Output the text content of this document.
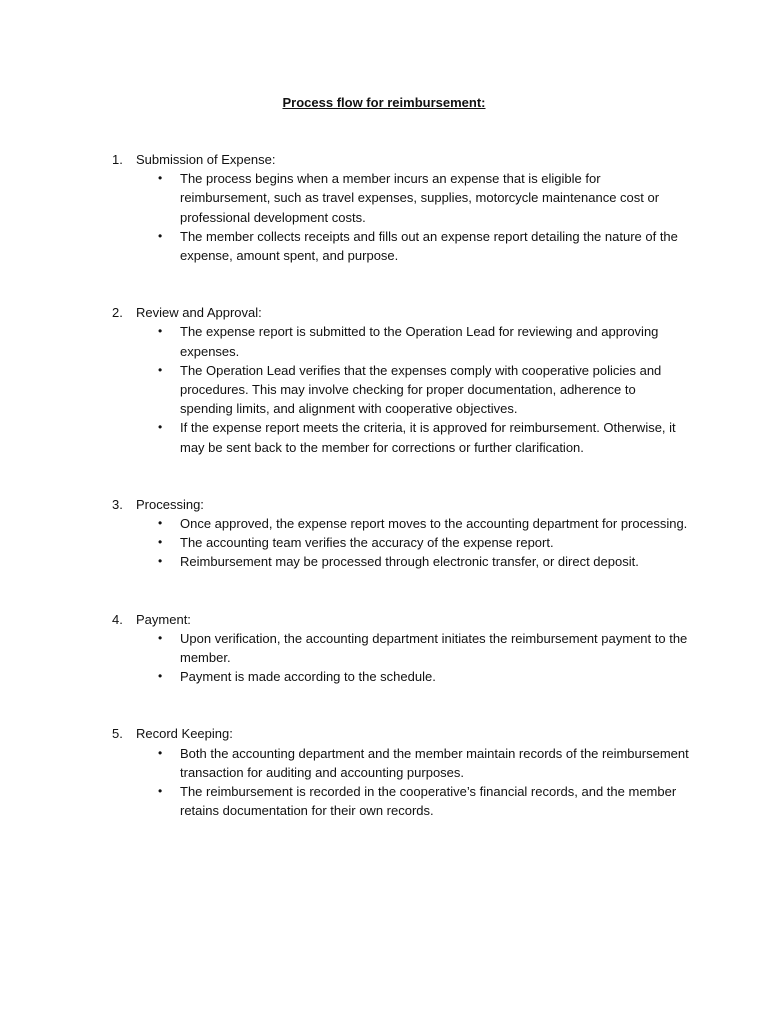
Process flow for reimbursement:
1.	Submission of Expense:
•	The process begins when a member incurs an expense that is eligible for reimbursement, such as travel expenses, supplies, motorcycle maintenance cost or professional development costs.
•	The member collects receipts and fills out an expense report detailing the nature of the expense, amount spent, and purpose.
2.	Review and Approval:
•	The expense report is submitted to the Operation Lead for reviewing and approving expenses.
•	The Operation Lead verifies that the expenses comply with cooperative policies and procedures. This may involve checking for proper documentation, adherence to spending limits, and alignment with cooperative objectives.
•	If the expense report meets the criteria, it is approved for reimbursement. Otherwise, it may be sent back to the member for corrections or further clarification.
3.	Processing:
•	Once approved, the expense report moves to the accounting department for processing.
•	The accounting team verifies the accuracy of the expense report.
•	Reimbursement may be processed through electronic transfer, or direct deposit.
4.	Payment:
•	Upon verification, the accounting department initiates the reimbursement payment to the member.
•	Payment is made according to the schedule.
5.	Record Keeping:
•	Both the accounting department and the member maintain records of the reimbursement transaction for auditing and accounting purposes.
•	The reimbursement is recorded in the cooperative’s financial records, and the member retains documentation for their own records.
